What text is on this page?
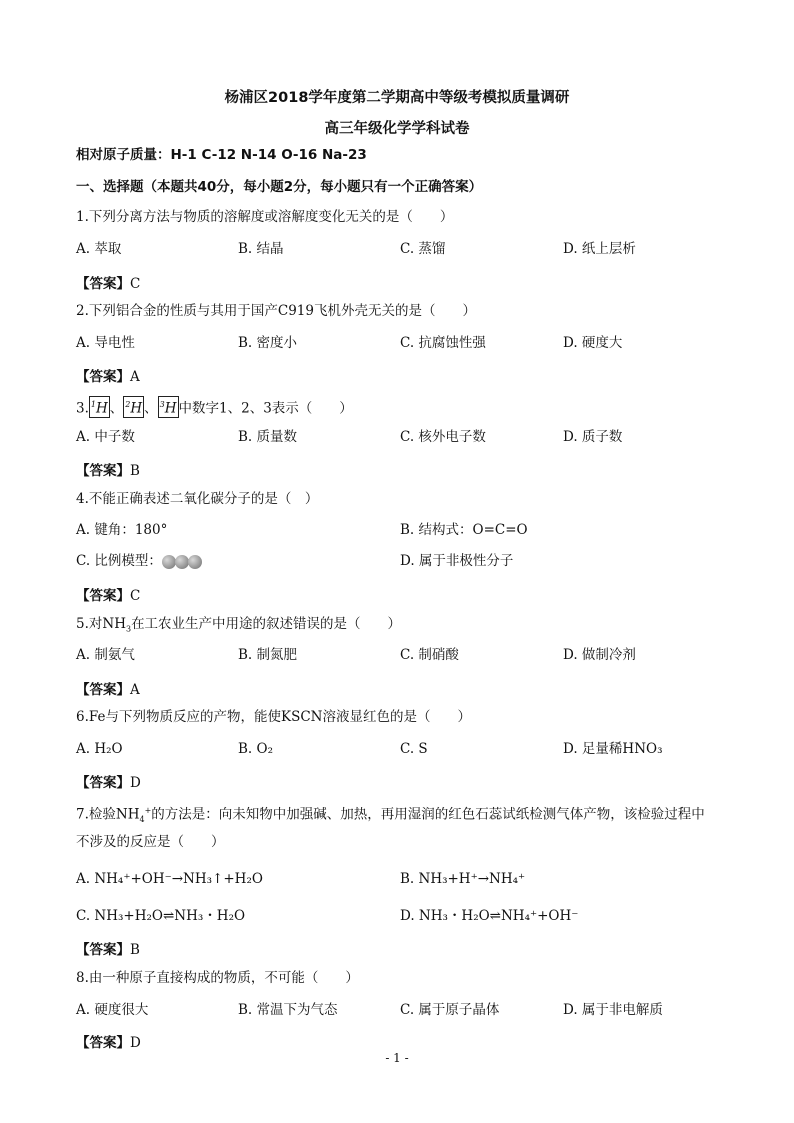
杨浦区2018学年度第二学期高中等级考模拟质量调研
高三年级化学学科试卷
相对原子质量：H-1 C-12 N-14 O-16 Na-23
一、选择题（本题共40分，每小题2分，每小题只有一个正确答案）
1.下列分离方法与物质的溶解度或溶解度变化无关的是（　　）
A. 萃取	B. 结晶	C. 蒸馏	D. 纸上层析
【答案】C
2.下列铝合金的性质与其用于国产C919飞机外壳无关的是（　　）
A. 导电性	B. 密度小	C. 抗腐蚀性强	D. 硬度大
【答案】A
3. $^1$H 、 $^2$H 、 $^3$H 中数字1、2、3表示（　　）
A. 中子数	B. 质量数	C. 核外电子数	D. 质子数
【答案】B
4.不能正确表述二氧化碳分子的是（　）
A. 键角：180°	B. 结构式：O=C=O
C. 比例模型：	D. 属于非极性分子
【答案】C
5.对$NH_3$在工农业生产中用途的叙述错误的是（　　）
A. 制氨气	B. 制氮肥	C. 制硝酸	D. 做制冷剂
【答案】A
6.Fe与下列物质反应的产物，能使KSCN溶液显红色的是（　　）
A. H₂O	B. O₂	C. S	D. 足量稀HNO₃
【答案】D
7.检验$NH_4^+$的方法是：向未知物中加强碱、加热，再用湿润的红色石蕊试纸检测气体产物，该检验过程中
不涉及的反应是（　　）
A. NH₄⁺+OH⁻→NH₃↑+H₂O	B. NH₃+H⁺→NH₄⁺
C. NH₃+H₂O⇌NH₃・H₂O	D. NH₃・H₂O⇌NH₄⁺+OH⁻
【答案】B
8.由一种原子直接构成的物质，不可能（　　）
A. 硬度很大	B. 常温下为气态	C. 属于原子晶体	D. 属于非电解质
【答案】D
- 1 -
